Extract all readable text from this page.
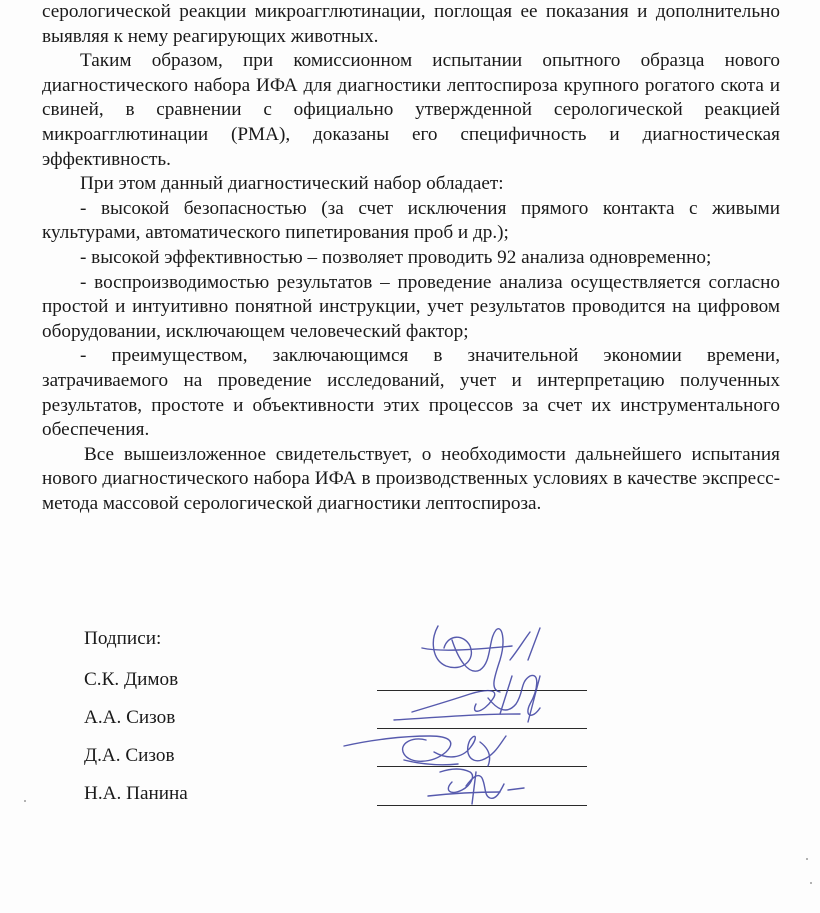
серологической реакции микроагглютинации, поглощая ее показания и дополнительно выявляя к нему реагирующих животных.

Таким образом, при комиссионном испытании опытного образца нового диагностического набора ИФА для диагностики лептоспироза крупного рогатого скота и свиней, в сравнении с официально утвержденной серологической реакцией микроагглютинации (РМА), доказаны его специфичность и диагностическая эффективность.

При этом данный диагностический набор обладает:

- высокой безопасностью (за счет исключения прямого контакта с живыми культурами, автоматического пипетирования проб и др.);

- высокой эффективностью – позволяет проводить 92 анализа одновременно;

- воспроизводимостью результатов – проведение анализа осуществляется согласно простой и интуитивно понятной инструкции, учет результатов проводится на цифровом оборудовании, исключающем человеческий фактор;

- преимуществом, заключающимся в значительной экономии времени, затрачиваемого на проведение исследований, учет и интерпретацию полученных результатов, простоте и объективности этих процессов за счет их инструментального обеспечения.

Все вышеизложенное свидетельствует, о необходимости дальнейшего испытания нового диагностического набора ИФА в производственных условиях в качестве экспресс-метода массовой серологической диагностики лептоспироза.

Подписи:
С.К. Димов
А.А. Сизов
Д.А. Сизов
Н.А. Панина
